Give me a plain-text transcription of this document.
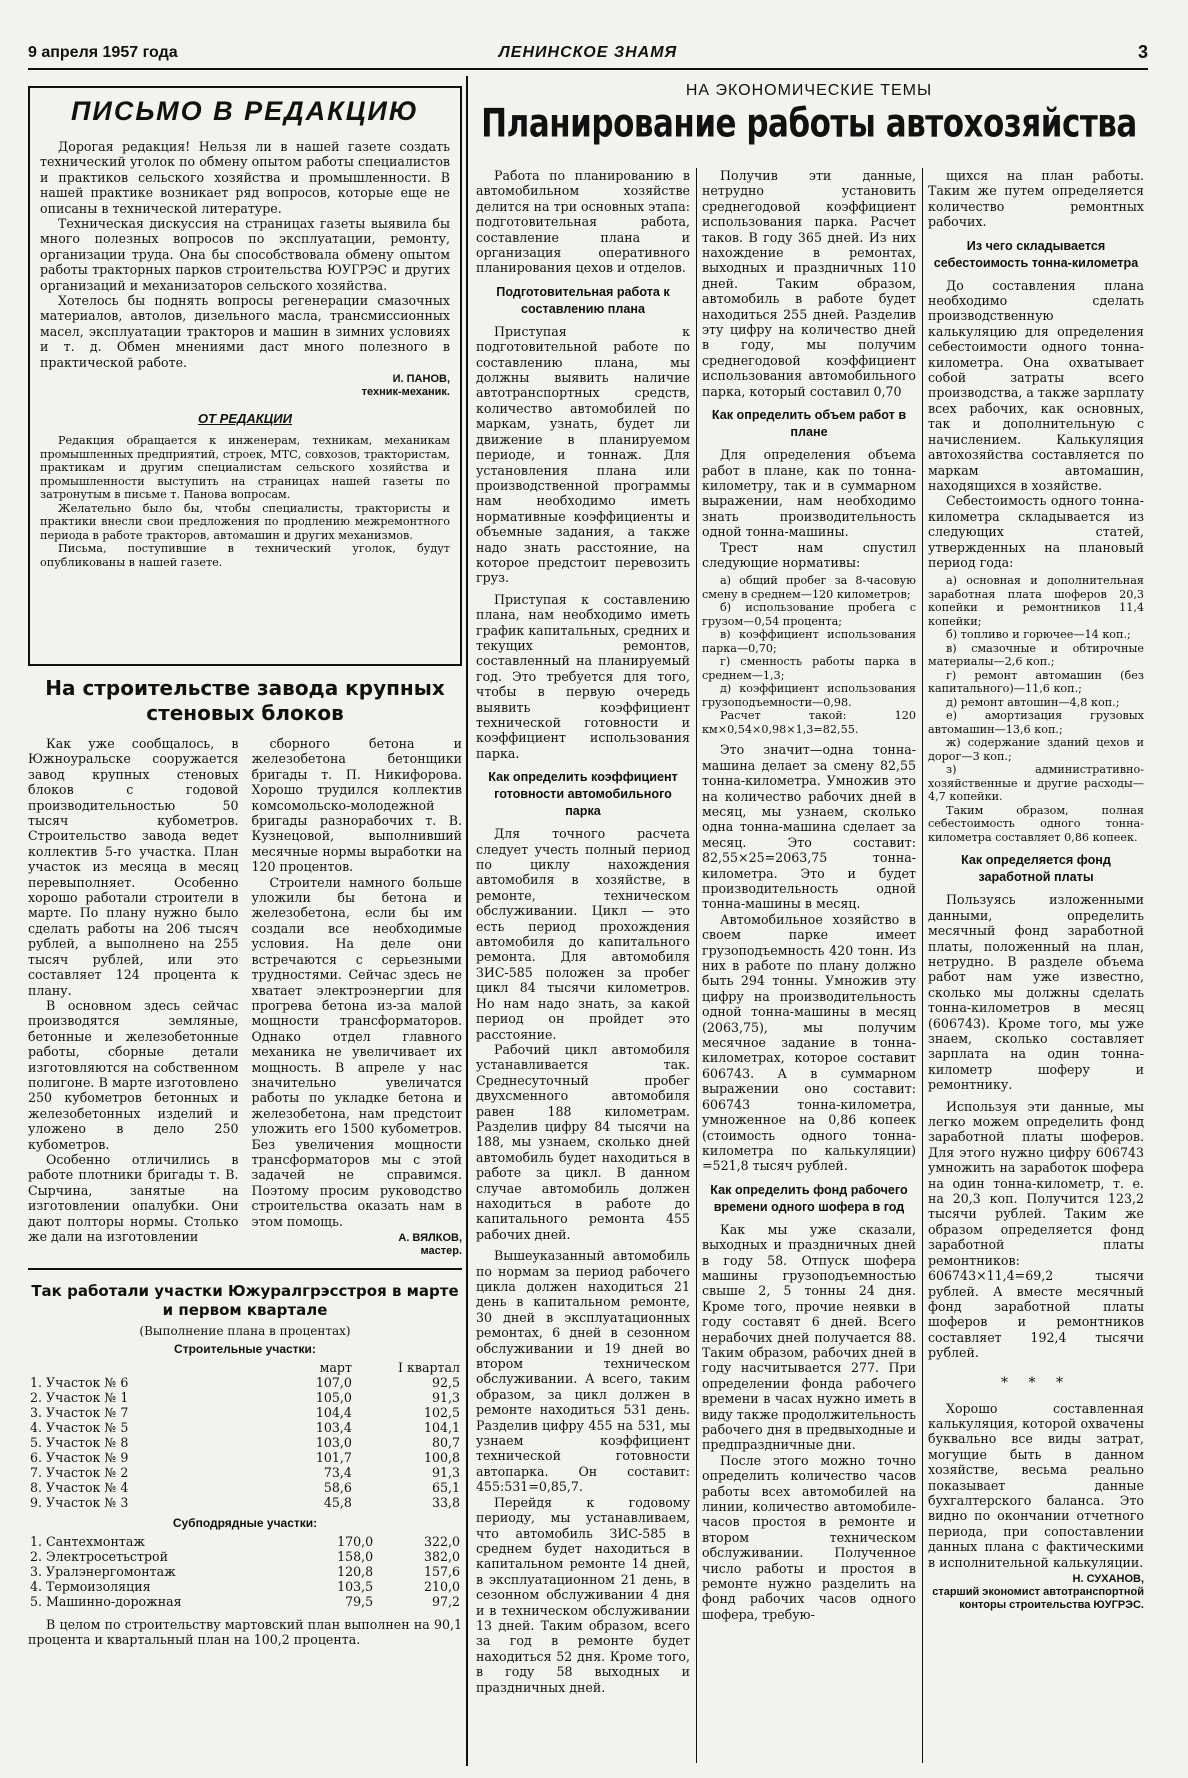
9 апреля 1957 года	ЛЕНИНСКОЕ ЗНАМЯ	3
ПИСЬМО В РЕДАКЦИЮ

Дорогая редакция! Нельзя ли в нашей газете создать технический уголок по обмену опытом работы специалистов и практиков сельского хозяйства и промышленности. В нашей практике возникает ряд вопросов, которые еще не описаны в технической литературе.

Техническая дискуссия на страницах газеты выявила бы много полезных вопросов по эксплуатации, ремонту, организации труда. Она бы способствовала обмену опытом работы тракторных парков строительства ЮУГРЭС и других организаций и механизаторов сельского хозяйства.

Хотелось бы поднять вопросы регенерации смазочных материалов, автолов, дизельного масла, трансмиссионных масел, эксплуатации тракторов и машин в зимних условиях и т. д. Обмен мнениями даст много полезного в практической работе.

И. ПАНОВ,
техник-механик.
ОТ РЕДАКЦИИ

Редакция обращается к инженерам, техникам, механикам промышленных предприятий, строек, МТС, совхозов, трактористам, практикам и другим специалистам сельского хозяйства и промышленности выступить на страницах нашей газеты по затронутым в письме т. Панова вопросам.

Желательно было бы, чтобы специалисты, трактористы и практики внесли свои предложения по продлению межремонтного периода в работе тракторов, автомашин и других механизмов.

Письма, поступившие в технический уголок, будут опубликованы в нашей газете.

На строительстве завода крупных стеновых блоков

Как уже сообщалось, в Южноуральске сооружается завод крупных стеновых блоков с годовой производительностью 50 тысяч кубометров. Строительство завода ведет коллектив 5-го участка. План участок из месяца в месяц перевыполняет. Особенно хорошо работали строители в марте. По плану нужно было сделать работы на 206 тысяч рублей, а выполнено на 255 тысяч рублей, или это составляет 124 процента к плану.

В основном здесь сейчас производятся земляные, бетонные и железобетонные работы, сборные детали изготовляются на собственном полигоне. В марте изготовлено 250 кубометров бетонных и железобетонных изделий и уложено в дело 250 кубометров.

Особенно отличились в работе плотники бригады т. В. Сырчина, занятые на изготовлении опалубки. Они дают полторы нормы. Столько же дали на изготовлении

сборного бетона и железобетона бетонщики бригады т. П. Никифорова. Хорошо трудился коллектив комсомольско-молодежной бригады разнорабочих т. В. Кузнецовой, выполнивший месячные нормы выработки на 120 процентов.

Строители намного больше уложили бы бетона и железобетона, если бы им создали все необходимые условия. На деле они встречаются с серьезными трудностями. Сейчас здесь не хватает электроэнергии для прогрева бетона из-за малой мощности трансформаторов. Однако отдел главного механика не увеличивает их мощность. В апреле у нас значительно увеличатся работы по укладке бетона и железобетона, нам предстоит уложить его 1500 кубометров. Без увеличения мощности трансформаторов мы с этой задачей не справимся. Поэтому просим руководство строительства оказать нам в этом помощь.

А. ВЯЛКОВ,
мастер.
Так работали участки Южуралгрэсстроя в марте и первом квартале
(Выполнение плана в процентах)
Строительные участки:
	март	I квартал
1. Участок № 6	107,0	92,5
2. Участок № 1	105,0	91,3
3. Участок № 7	104,4	102,5
4. Участок № 5	103,4	104,1
5. Участок № 8	103,0	80,7
6. Участок № 9	101,7	100,8
7. Участок № 2	73,4	91,3
8. Участок № 4	58,6	65,1
9. Участок № 3	45,8	33,8
Субподрядные участки:
1. Сантехмонтаж	170,0	322,0
2. Электросетьстрой	158,0	382,0
3. Уралэнергомонтаж	120,8	157,6
4. Термоизоляция	103,5	210,0
5. Машинно-дорожная	79,5	97,2

В целом по строительству мартовский план выполнен на 90,1 процента и квартальный план на 100,2 процента.

НА ЭКОНОМИЧЕСКИЕ ТЕМЫ
Планирование работы автохозяйства

Работа по планированию в автомобильном хозяйстве делится на три основных этапа: подготовительная работа, составление плана и организация оперативного планирования цехов и отделов.

Подготовительная работа к составлению плана

Приступая к подготовительной работе по составлению плана, мы должны выявить наличие автотранспортных средств, количество автомобилей по маркам, узнать, будет ли движение в планируемом периоде, и тоннаж. Для установления плана или производственной программы нам необходимо иметь нормативные коэффициенты и объемные задания, а также надо знать расстояние, на которое предстоит перевозить груз.

Приступая к составлению плана, нам необходимо иметь график капитальных, средних и текущих ремонтов, составленный на планируемый год. Это требуется для того, чтобы в первую очередь выявить коэффициент технической готовности и коэффициент использования парка.

Как определить коэффициент готовности автомобильного парка

Для точного расчета следует учесть полный период по циклу нахождения автомобиля в хозяйстве, в ремонте, техническом обслуживании. Цикл — это есть период прохождения автомобиля до капитального ремонта. Для автомобиля ЗИС-585 положен за пробег цикл 84 тысячи километров. Но нам надо знать, за какой период он пройдет это расстояние.

Рабочий цикл автомобиля устанавливается так. Среднесуточный пробег двухсменного автомобиля равен 188 километрам. Разделив цифру 84 тысячи на 188, мы узнаем, сколько дней автомобиль будет находиться в работе за цикл. В данном случае автомобиль должен находиться в работе до капитального ремонта 455 рабочих дней.

Вышеуказанный автомобиль по нормам за период рабочего цикла должен находиться 21 день в капитальном ремонте, 30 дней в эксплуатационных ремонтах, 6 дней в сезонном обслуживании и 19 дней во втором техническом обслуживании. А всего, таким образом, за цикл должен в ремонте находиться 531 день. Разделив цифру 455 на 531, мы узнаем коэффициент технической готовности автопарка. Он составит: 455:531=0,85,7.

Перейдя к годовому периоду, мы устанавливаем, что автомобиль ЗИС-585 в среднем будет находиться в капитальном ремонте 14 дней, в эксплуатационном 21 день, в сезонном обслуживании 4 дня и в техническом обслуживании 13 дней. Таким образом, всего за год в ремонте будет находиться 52 дня. Кроме того, в году 58 выходных и праздничных дней.

Получив эти данные, нетрудно установить среднегодовой коэффициент использования парка. Расчет таков. В году 365 дней. Из них нахождение в ремонтах, выходных и праздничных 110 дней. Таким образом, автомобиль в работе будет находиться 255 дней. Разделив эту цифру на количество дней в году, мы получим среднегодовой коэффициент использования автомобильного парка, который составил 0,70

Как определить объем работ в плане

Для определения объема работ в плане, как по тонна-километру, так и в суммарном выражении, нам необходимо знать производительность одной тонна-машины.

Трест нам спустил следующие нормативы:

а) общий пробег за 8-часовую смену в среднем—120 километров;

б) использование пробега с грузом—0,54 процента;

в) коэффициент использования парка—0,70;

г) сменность работы парка в среднем—1,3;

д) коэффициент использования грузоподъемности—0,98.

Расчет такой: 120 км×0,54×0,98×1,3=82,55.

Это значит—одна тонна-машина делает за смену 82,55 тонна-километра. Умножив это на количество рабочих дней в месяц, мы узнаем, сколько одна тонна-машина сделает за месяц. Это составит: 82,55×25=2063,75 тонна-километра. Это и будет производительность одной тонна-машины в месяц.

Автомобильное хозяйство в своем парке имеет грузоподъемность 420 тонн. Из них в работе по плану должно быть 294 тонны. Умножив эту цифру на производительность одной тонна-машины в месяц (2063,75), мы получим месячное задание в тонна-километрах, которое составит 606743. А в суммарном выражении оно составит: 606743 тонна-километра, умноженное на 0,86 копеек (стоимость одного тонна-километра по калькуляции) =521,8 тысяч рублей.

Как определить фонд рабочего времени одного шофера в год

Как мы уже сказали, выходных и праздничных дней в году 58. Отпуск шофера машины грузоподъемностью свыше 2, 5 тонны 24 дня. Кроме того, прочие неявки в году составят 6 дней. Всего нерабочих дней получается 88. Таким образом, рабочих дней в году насчитывается 277. При определении фонда рабочего времени в часах нужно иметь в виду также продолжительность рабочего дня в предвыходные и предпраздничные дни.

После этого можно точно определить количество часов работы всех автомобилей на линии, количество автомобиле-часов простоя в ремонте и втором техническом обслуживании. Полученное число работы и простоя в ремонте нужно разделить на фонд рабочих часов одного шофера, требую-

щихся на план работы. Таким же путем определяется количество ремонтных рабочих.

Из чего складывается себестоимость тонна-километра

До составления плана необходимо сделать производственную калькуляцию для определения себестоимости одного тонна-километра. Она охватывает собой затраты всего производства, а также зарплату всех рабочих, как основных, так и дополнительную с начислением. Калькуляция автохозяйства составляется по маркам автомашин, находящихся в хозяйстве.

Себестоимость одного тонна-километра складывается из следующих статей, утвержденных на плановый период года:

а) основная и дополнительная заработная плата шоферов 20,3 копейки и ремонтников 11,4 копейки;

б) топливо и горючее—14 коп.;

в) смазочные и обтирочные материалы—2,6 коп.;

г) ремонт автомашин (без капитального)—11,6 коп.;

д) ремонт автошин—4,8 коп.;

е) амортизация грузовых автомашин—13,6 коп.;

ж) содержание зданий цехов и дорог—3 коп.;

з) административно-хозяйственные и другие расходы—4,7 копейки.

Таким образом, полная себестоимость одного тонна-километра составляет 0,86 копеек.

Как определяется фонд заработной платы

Пользуясь изложенными данными, определить месячный фонд заработной платы, положенный на план, нетрудно. В разделе объема работ нам уже известно, сколько мы должны сделать тонна-километров в месяц (606743). Кроме того, мы уже знаем, сколько составляет зарплата на один тонна-километр шоферу и ремонтнику.

Используя эти данные, мы легко можем определить фонд заработной платы шоферов. Для этого нужно цифру 606743 умножить на заработок шофера на один тонна-километр, т. е. на 20,3 коп. Получится 123,2 тысячи рублей. Таким же образом определяется фонд заработной платы ремонтников: 606743×11,4=69,2 тысячи рублей. А вместе месячный фонд заработной платы шоферов и ремонтников составляет 192,4 тысячи рублей.

* * *

Хорошо составленная калькуляция, которой охвачены буквально все виды затрат, могущие быть в данном хозяйстве, весьма реально показывает данные бухгалтерского баланса. Это видно по окончании отчетного периода, при сопоставлении данных плана с фактическими в исполнительной калькуляции.

Н. СУХАНОВ,
старший экономист автотранспортной конторы строительства ЮУГРЭС.
